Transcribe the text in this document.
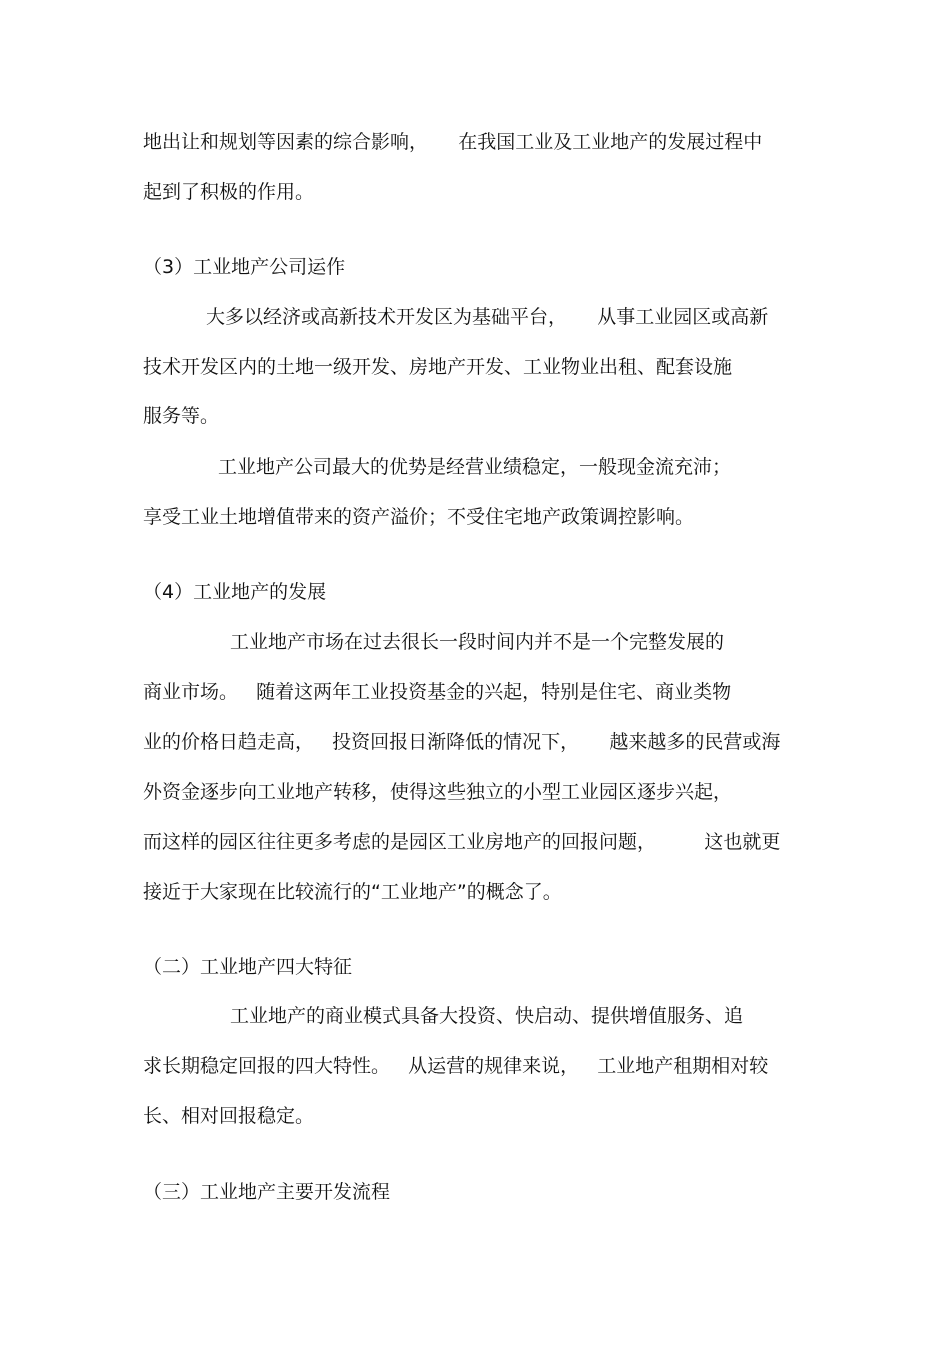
地出让和规划等因素的综合影响，     在我国工业及工业地产的发展过程中
起到了积极的作用。
（3）工业地产公司运作
大多以经济或高新技术开发区为基础平台，     从事工业园区或高新
技术开发区内的土地一级开发、房地产开发、工业物业出租、配套设施
服务等。
工业地产公司最大的优势是经营业绩稳定，一般现金流充沛；
享受工业土地增值带来的资产溢价；不受住宅地产政策调控影响。
（4）工业地产的发展
工业地产市场在过去很长一段时间内并不是一个完整发展的
商业市场。   随着这两年工业投资基金的兴起，特别是住宅、商业类物
业的价格日趋走高，   投资回报日渐降低的情况下，     越来越多的民营或海
外资金逐步向工业地产转移，使得这些独立的小型工业园区逐步兴起，
而这样的园区往往更多考虑的是园区工业房地产的回报问题，        这也就更
接近于大家现在比较流行的“工业地产”的概念了。
（二）工业地产四大特征
工业地产的商业模式具备大投资、快启动、提供增值服务、追
求长期稳定回报的四大特性。   从运营的规律来说，   工业地产租期相对较
长、相对回报稳定。
（三）工业地产主要开发流程
